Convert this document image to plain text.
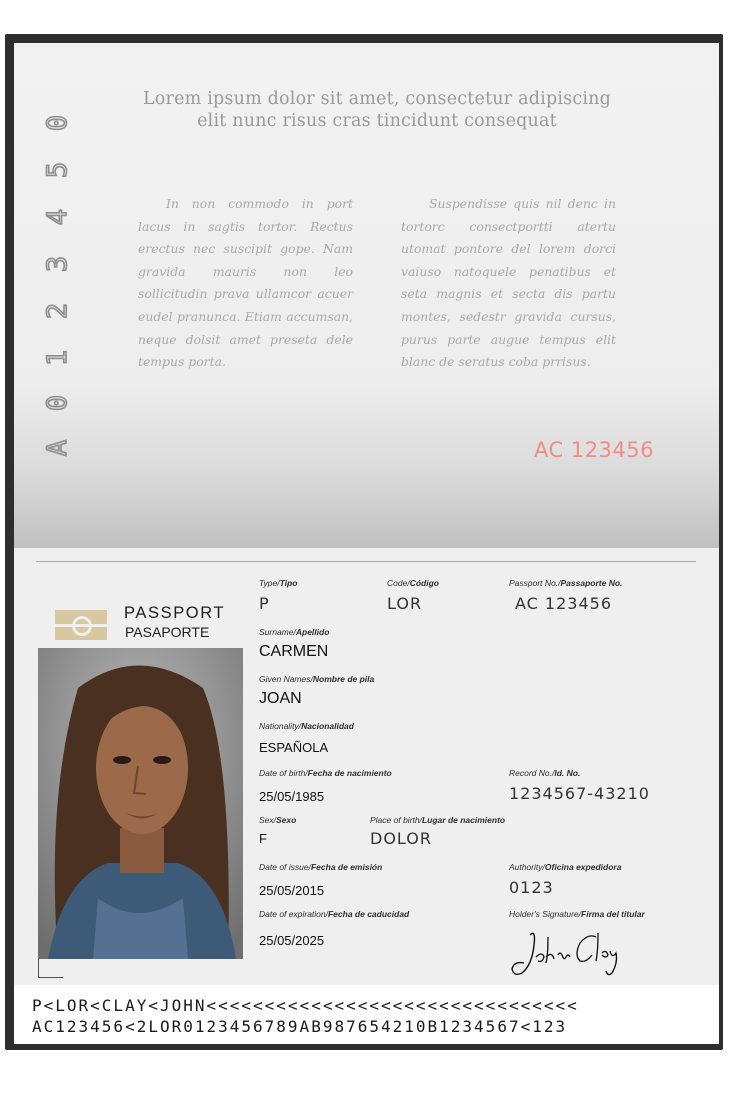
0
5
4
3
2
1
0
A
Lorem ipsum dolor sit amet, consectetur adipiscing elit nunc risus cras tincidunt consequat
In non commodo in port lacus in sagtis tortor. Rectus erectus nec suscipit gope. Nam gravida mauris non leo sollicitudin prava ullamcor acuer eudel pranunca. Etiam accumsan, neque dolsit amet preseta dele tempus porta.
Suspendisse quis nil denc in tortorc consectportti atertu utomat pontore del lorem dorci vaiuso natoquele penatibus et seta magnis et secta dis partu montes, sedestr gravida cursus, purus parte augue tempus elit blanc de seratus coba prrisus.
AC 123456
PASSPORT
PASAPORTE
Type/Tipo
P
Code/Código
LOR
Passport No./Passaporte No.
AC 123456
Surname/Apellido
CARMEN
Given Names/Nombre de pila
JOAN
Nationality/Nacionalidad
ESPAÑOLA
Date of birth/Fecha de nacimiento
25/05/1985
Record No./Id. No.
1234567-43210
Sex/Sexo
F
Place of birth/Lugar de nacimiento
DOLOR
Date of issue/Fecha de emisión
25/05/2015
Authority/Oficina expedidora
0123
Date of expiration/Fecha de caducidad
25/05/2025
Holder's Signature/Firma del titular
P<LOR<CLAY<JOHN<<<<<<<<<<<<<<<<<<<<<<<<<<<<<<<<
AC123456<2LOR0123456789AB987654210B1234567<123
